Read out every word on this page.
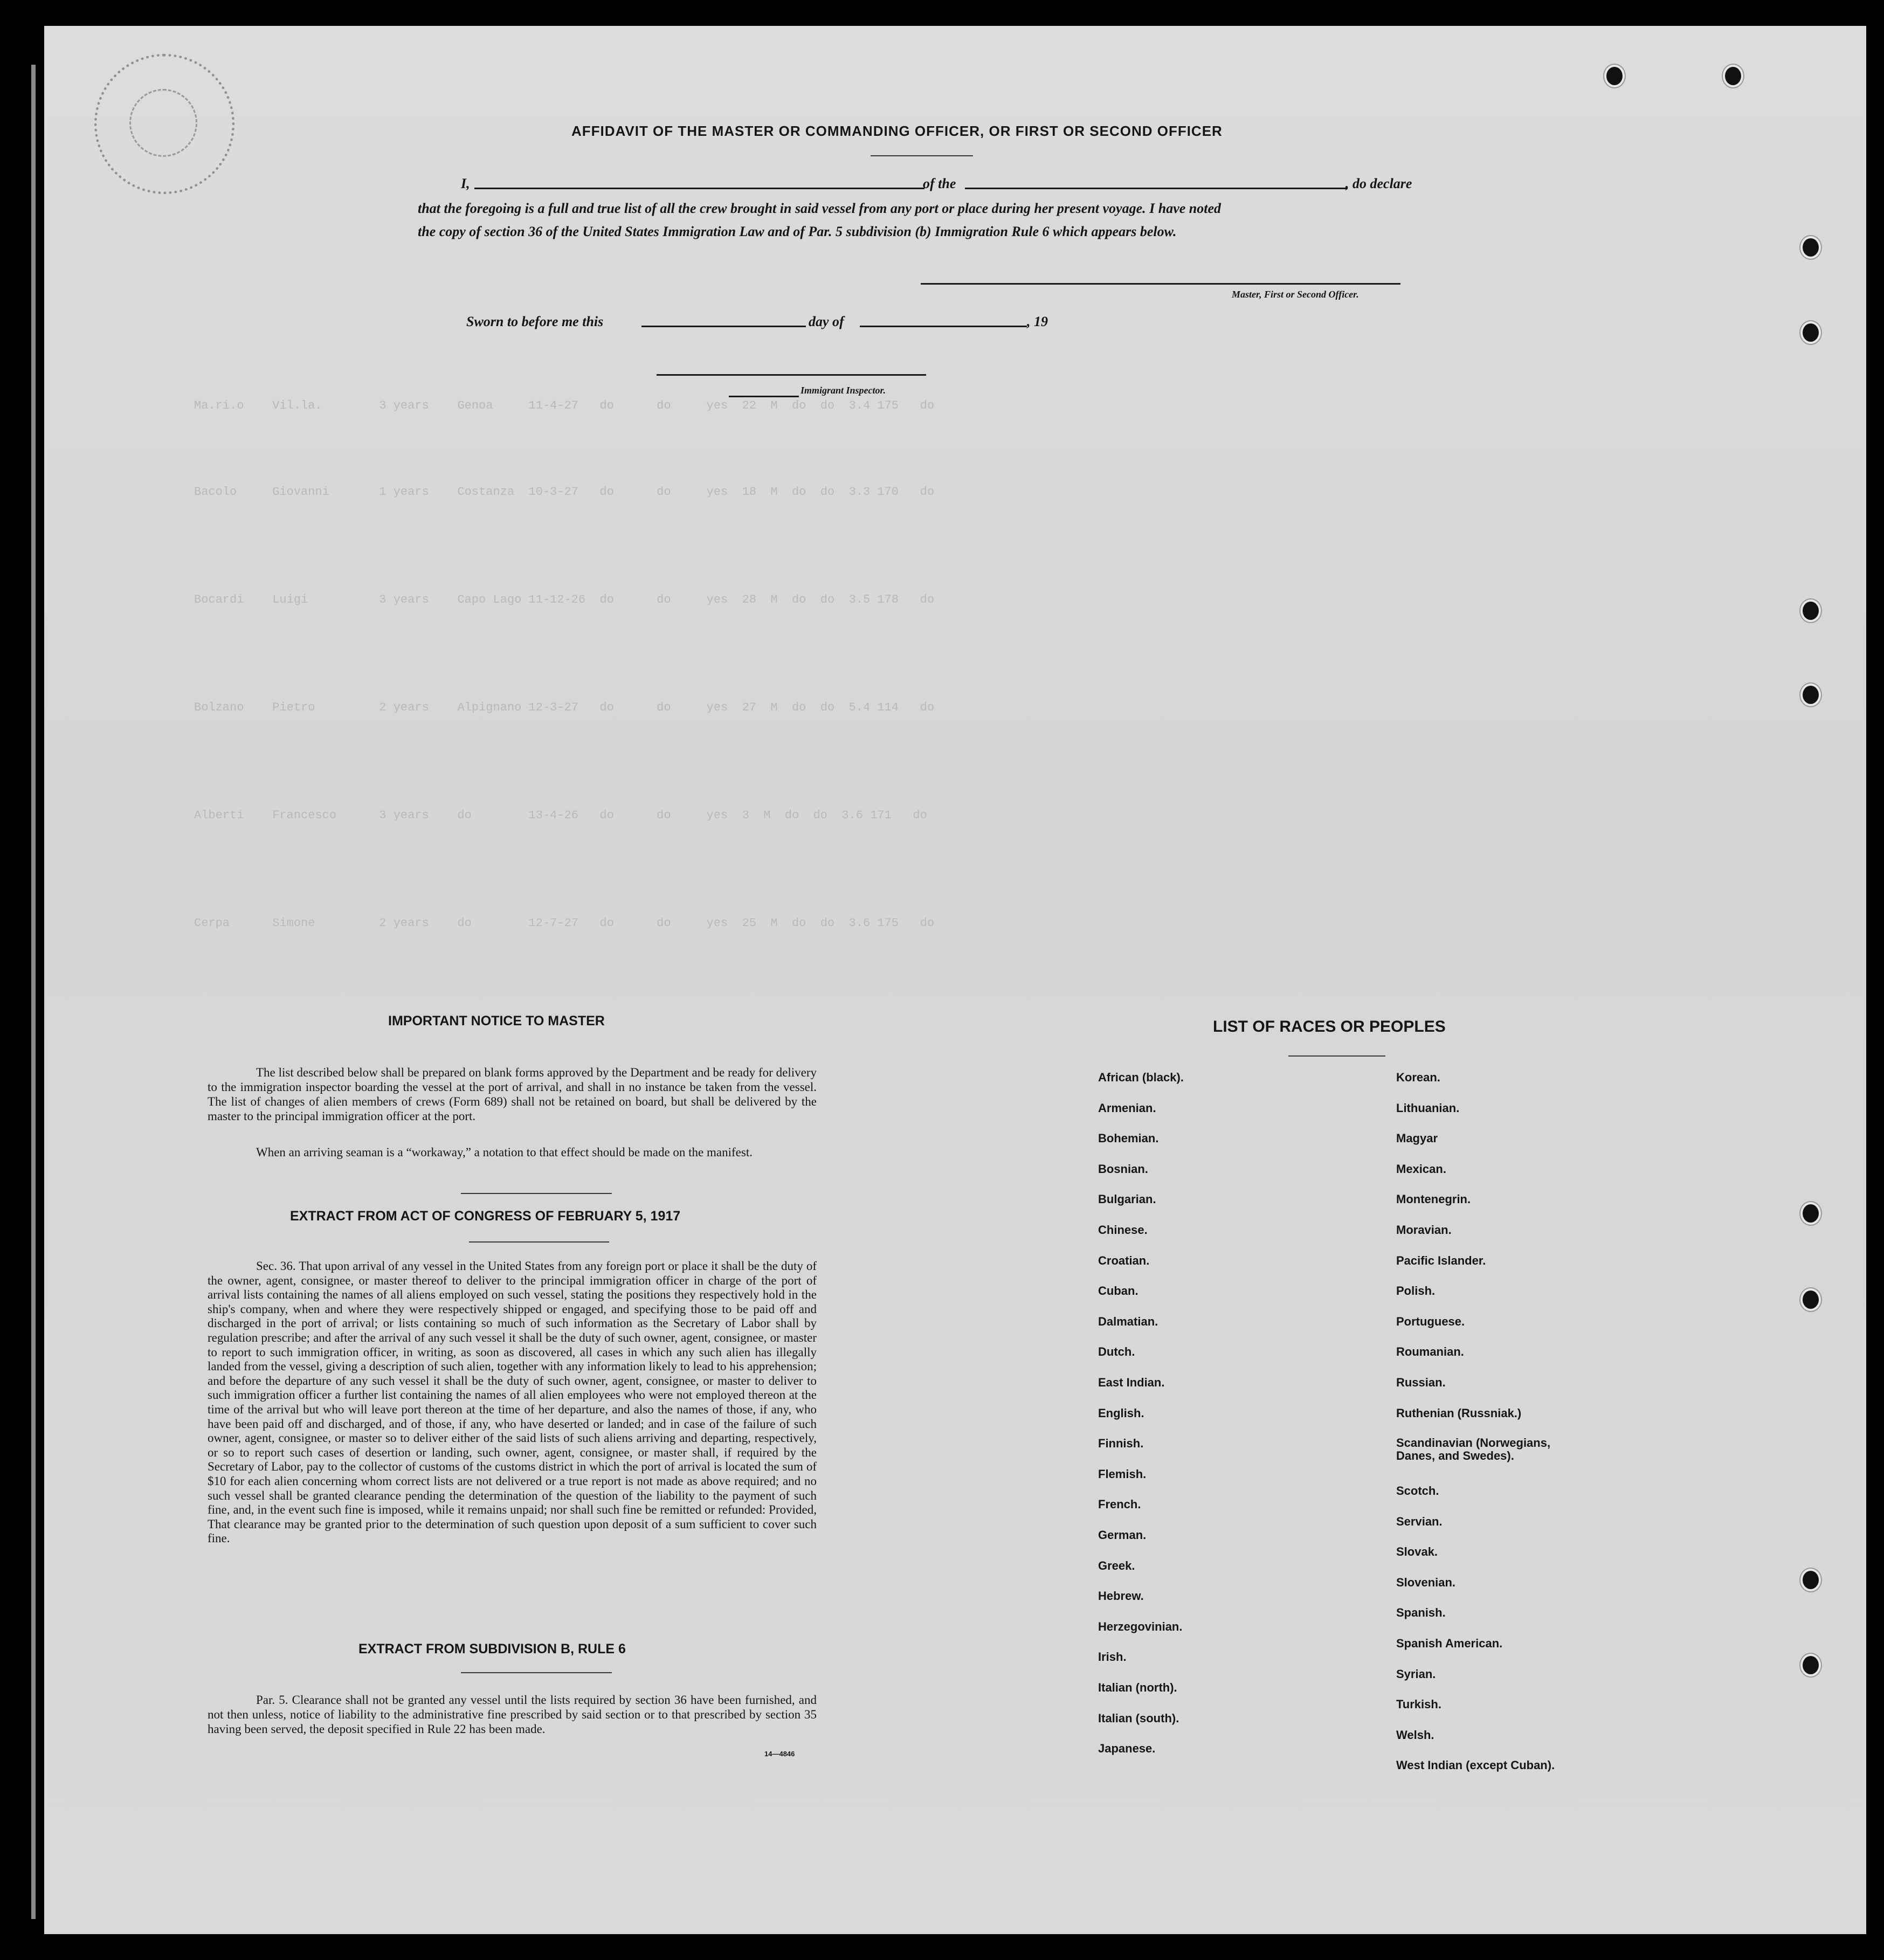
Ma.ri.o    Vil.la.        3 years    Genoa     11-4-27   do      do     yes  22  M  do  do  3.4 175   do
Bacolo     Giovanni       1 years    Costanza  10-3-27   do      do     yes  18  M  do  do  3.3 170   do
Bocardi    Luigi          3 years    Capo Lago 11-12-26  do      do     yes  28  M  do  do  3.5 178   do
Bolzano    Pietro         2 years    Alpignano 12-3-27   do      do     yes  27  M  do  do  5.4 114   do
Alberti    Francesco      3 years    do        13-4-26   do      do     yes  3  M  do  do  3.6 171   do
Cerpa      Simone         2 years    do        12-7-27   do      do     yes  25  M  do  do  3.6 175   do
AFFIDAVIT OF THE MASTER OR COMMANDING OFFICER, OR FIRST OR SECOND OFFICER
I,	of the	, do declare
that the foregoing is a full and true list of all the crew brought in said vessel from any port or place during her present voyage. I have noted
the copy of section 36 of the United States Immigration Law and of Par. 5 subdivision (b) Immigration Rule 6 which appears below.
Master, First or Second Officer.
Sworn to before me this	day of	, 19
Immigrant Inspector.
IMPORTANT NOTICE TO MASTER
The list described below shall be prepared on blank forms approved by the Department and be ready for delivery to the immigration inspector boarding the vessel at the port of arrival, and shall in no instance be taken from the vessel. The list of changes of alien members of crews (Form 689) shall not be retained on board, but shall be delivered by the master to the principal immigration officer at the port.
When an arriving seaman is a “workaway,” a notation to that effect should be made on the manifest.
EXTRACT FROM ACT OF CONGRESS OF FEBRUARY 5, 1917
Sec. 36. That upon arrival of any vessel in the United States from any foreign port or place it shall be the duty of the owner, agent, consignee, or master thereof to deliver to the principal immigration officer in charge of the port of arrival lists containing the names of all aliens employed on such vessel, stating the positions they respectively hold in the ship's company, when and where they were respectively shipped or engaged, and specifying those to be paid off and discharged in the port of arrival; or lists containing so much of such information as the Secretary of Labor shall by regulation prescribe; and after the arrival of any such vessel it shall be the duty of such owner, agent, consignee, or master to report to such immigration officer, in writing, as soon as discovered, all cases in which any such alien has illegally landed from the vessel, giving a description of such alien, together with any information likely to lead to his apprehension; and before the departure of any such vessel it shall be the duty of such owner, agent, consignee, or master to deliver to such immigration officer a further list containing the names of all alien employees who were not employed thereon at the time of the arrival but who will leave port thereon at the time of her departure, and also the names of those, if any, who have been paid off and discharged, and of those, if any, who have deserted or landed; and in case of the failure of such owner, agent, consignee, or master so to deliver either of the said lists of such aliens arriving and departing, respectively, or so to report such cases of desertion or landing, such owner, agent, consignee, or master shall, if required by the Secretary of Labor, pay to the collector of customs of the customs district in which the port of arrival is located the sum of $10 for each alien concerning whom correct lists are not delivered or a true report is not made as above required; and no such vessel shall be granted clearance pending the determination of the question of the liability to the payment of such fine, and, in the event such fine is imposed, while it remains unpaid; nor shall such fine be remitted or refunded: Provided, That clearance may be granted prior to the determination of such question upon deposit of a sum sufficient to cover such fine.
EXTRACT FROM SUBDIVISION B, RULE 6
Par. 5. Clearance shall not be granted any vessel until the lists required by section 36 have been furnished, and not then unless, notice of liability to the administrative fine prescribed by said section or to that prescribed by section 35 having been served, the deposit specified in Rule 22 has been made.
14—4846
LIST OF RACES OR PEOPLES
African (black).
Armenian.
Bohemian.
Bosnian.
Bulgarian.
Chinese.
Croatian.
Cuban.
Dalmatian.
Dutch.
East Indian.
English.
Finnish.
Flemish.
French.
German.
Greek.
Hebrew.
Herzegovinian.
Irish.
Italian (north).
Italian (south).
Japanese.
Korean.
Lithuanian.
Magyar
Mexican.
Montenegrin.
Moravian.
Pacific Islander.
Polish.
Portuguese.
Roumanian.
Russian.
Ruthenian (Russniak.)
Scandinavian (Norwegians, Danes, and Swedes).
Scotch.
Servian.
Slovak.
Slovenian.
Spanish.
Spanish American.
Syrian.
Turkish.
Welsh.
West Indian (except Cuban).
